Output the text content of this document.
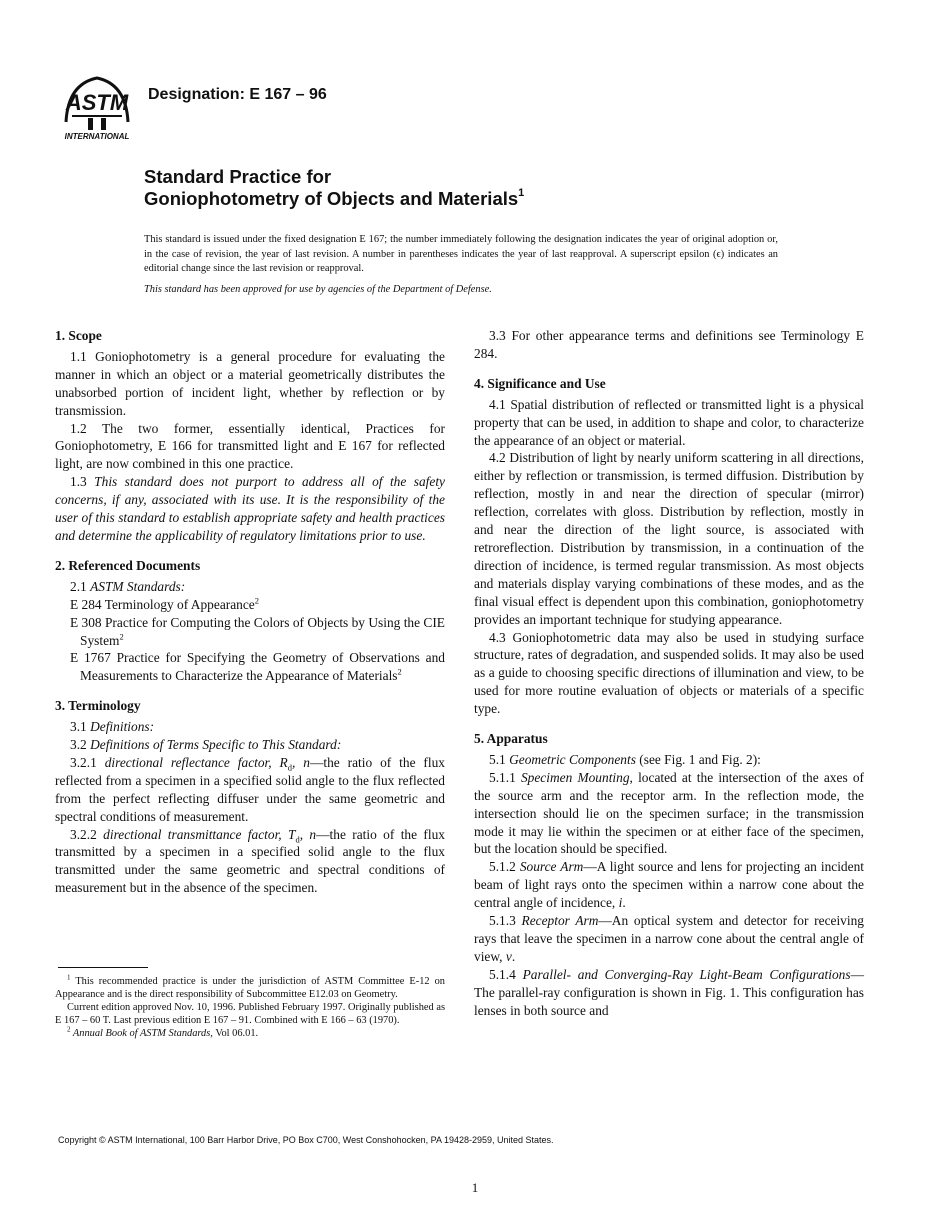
ASTM
INTERNATIONAL
Designation: E 167 – 96
Standard Practice for
Goniophotometry of Objects and Materials$^1$
This standard is issued under the fixed designation E 167; the number immediately following the designation indicates the year of original adoption or, in the case of revision, the year of last revision. A number in parentheses indicates the year of last reapproval. A superscript epsilon (ϵ) indicates an editorial change since the last revision or reapproval.
This standard has been approved for use by agencies of the Department of Defense.
1. Scope

1.1 Goniophotometry is a general procedure for evaluating the manner in which an object or a material geometrically distributes the unabsorbed portion of incident light, whether by reflection or by transmission.

1.2 The two former, essentially identical, Practices for Goniophotometry, E 166 for transmitted light and E 167 for reflected light, are now combined in this one practice.

1.3 This standard does not purport to address all of the safety concerns, if any, associated with its use. It is the responsibility of the user of this standard to establish appropriate safety and health practices and determine the applicability of regulatory limitations prior to use.

2. Referenced Documents

2.1 ASTM Standards:

E 284 Terminology of Appearance$^2$

E 308 Practice for Computing the Colors of Objects by Using the CIE System$^2$

E 1767 Practice for Specifying the Geometry of Observations and Measurements to Characterize the Appearance of Materials$^2$

3. Terminology

3.1 Definitions:

3.2 Definitions of Terms Specific to This Standard:

3.2.1 directional reflectance factor, $R_d$, n—the ratio of the flux reflected from a specimen in a specified solid angle to the flux reflected from the perfect reflecting diffuser under the same geometric and spectral conditions of measurement.

3.2.2 directional transmittance factor, $T_d$, n—the ratio of the flux transmitted by a specimen in a specified solid angle to the flux transmitted under the same geometric and spectral conditions of measurement but in the absence of the specimen.

3.3 For other appearance terms and definitions see Terminology E 284.

4. Significance and Use

4.1 Spatial distribution of reflected or transmitted light is a physical property that can be used, in addition to shape and color, to characterize the appearance of an object or material.

4.2 Distribution of light by nearly uniform scattering in all directions, either by reflection or transmission, is termed diffusion. Distribution by reflection, mostly in and near the direction of specular (mirror) reflection, correlates with gloss. Distribution by reflection, mostly in and near the direction of the light source, is associated with retroreflection. Distribution by transmission, in a continuation of the direction of incidence, is termed regular transmission. As most objects and materials display varying combinations of these modes, and as the final visual effect is dependent upon this combination, goniophotometry provides an important technique for studying appearance.

4.3 Goniophotometric data may also be used in studying surface structure, rates of degradation, and suspended solids. It may also be used as a guide to choosing specific directions of illumination and view, to be used for more routine evaluation of objects or materials of a specific type.

5. Apparatus

5.1 Geometric Components (see Fig. 1 and Fig. 2):

5.1.1 Specimen Mounting, located at the intersection of the axes of the source arm and the receptor arm. In the reflection mode, the intersection should lie on the specimen surface; in the transmission mode it may lie within the specimen or at either face of the specimen, but the location should be specified.

5.1.2 Source Arm—A light source and lens for projecting an incident beam of light rays onto the specimen within a narrow cone about the central angle of incidence, i.

5.1.3 Receptor Arm—An optical system and detector for receiving rays that leave the specimen in a narrow cone about the central angle of view, v.

5.1.4 Parallel- and Converging-Ray Light-Beam Configurations—The parallel-ray configuration is shown in Fig. 1. This configuration has lenses in both source and

$^1$ This recommended practice is under the jurisdiction of ASTM Committee E-12 on Appearance and is the direct responsibility of Subcommittee E12.03 on Geometry.

Current edition approved Nov. 10, 1996. Published February 1997. Originally published as E 167 – 60 T. Last previous edition E 167 – 91. Combined with E 166 – 63 (1970).

$^2$ Annual Book of ASTM Standards, Vol 06.01.

Copyright © ASTM International, 100 Barr Harbor Drive, PO Box C700, West Conshohocken, PA 19428-2959, United States.
1
